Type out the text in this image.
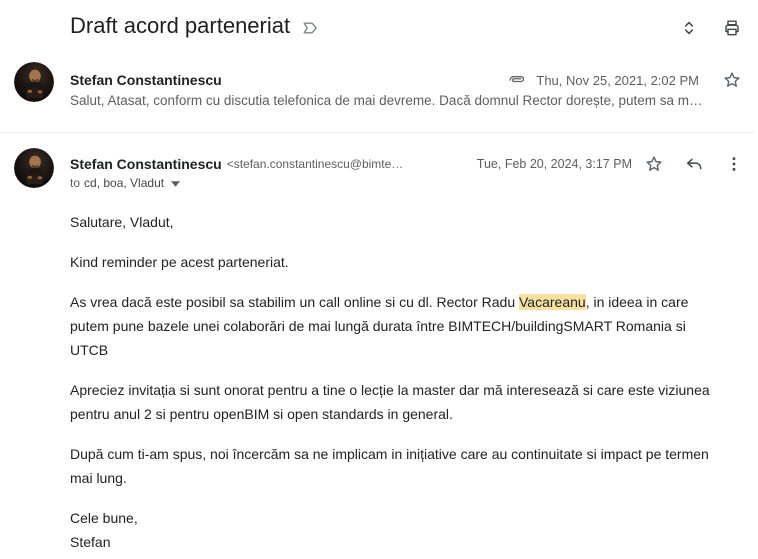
Draft acord parteneriat
Stefan Constantinescu	Thu, Nov 25, 2021, 2:02 PM
Salut, Atasat, conform cu discutia telefonica de mai devreme. Dacă domnul Rector dorește, putem sa m…
Stefan Constantinescu <stefan.constantinescu@bimte…	Tue, Feb 20, 2024, 3:17 PM
to cd, boa, Vladut

Salutare, Vladut,

Kind reminder pe acest parteneriat.

As vrea dacă este posibil sa stabilim un call online si cu dl. Rector Radu Vacareanu, in ideea in care putem pune bazele unei colaborări de mai lungă durata între BIMTECH/buildingSMART Romania si UTCB

Apreciez invitația si sunt onorat pentru a tine o lecție la master dar mă interesează si care este viziunea pentru anul 2 si pentru openBIM si open standards in general.

După cum ti-am spus, noi încercăm sa ne implicam in inițiative care au continuitate si impact pe termen mai lung.

Cele bune,
Stefan
